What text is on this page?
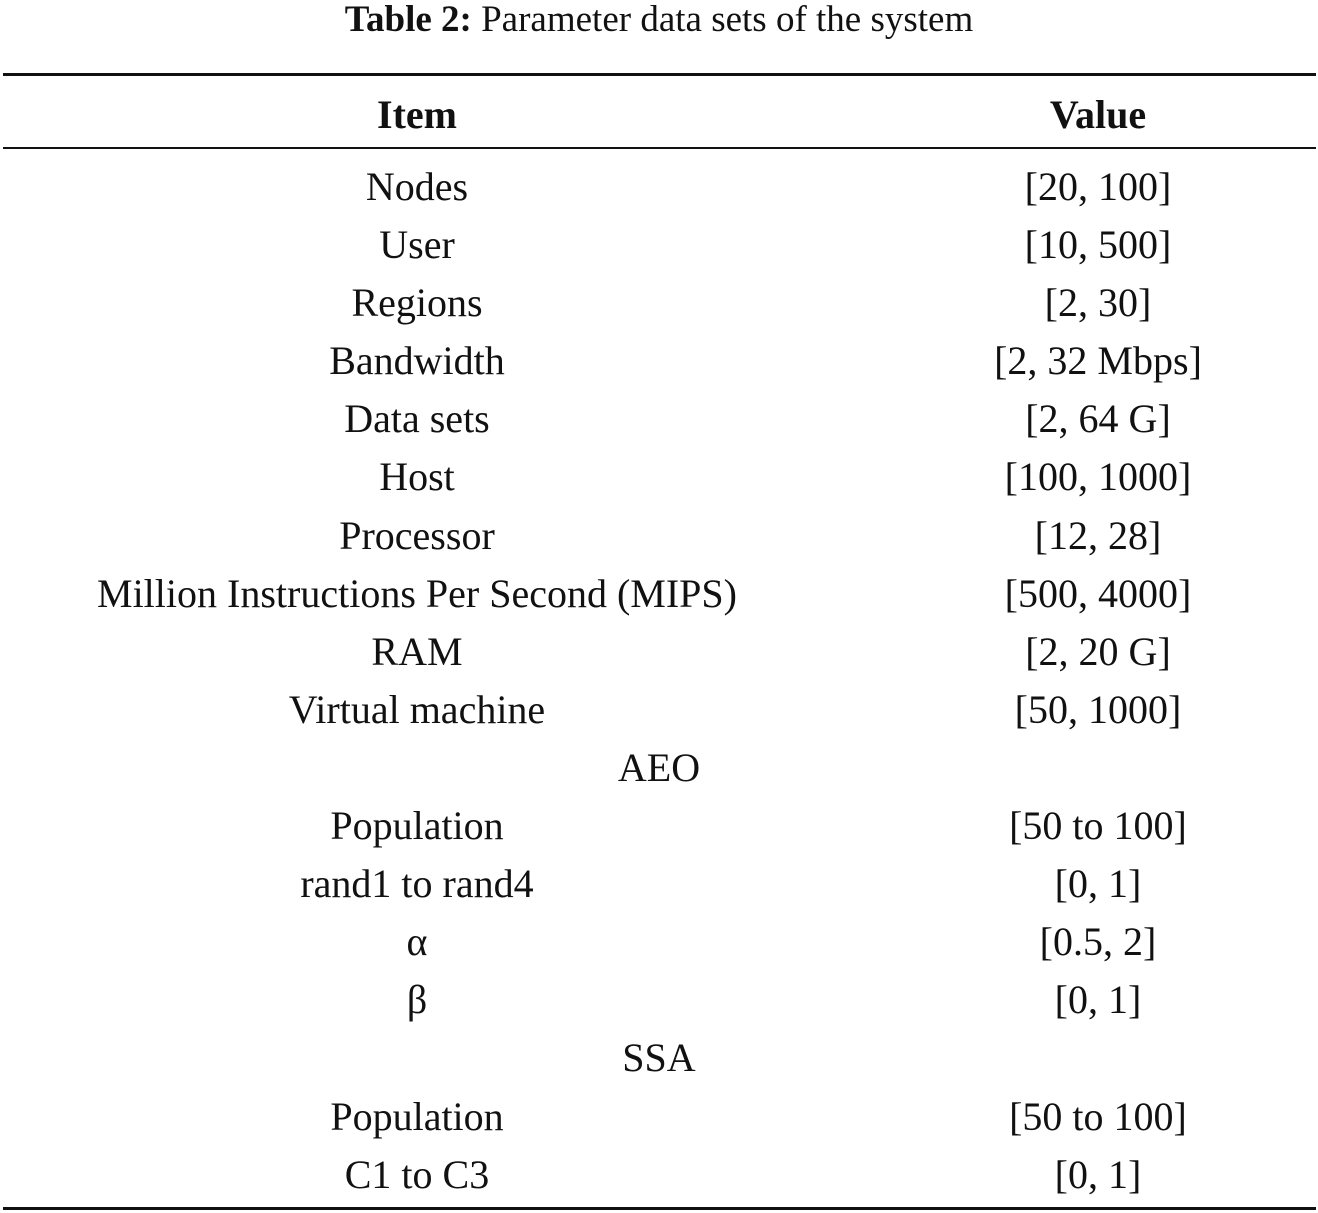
Table 2: Parameter data sets of the system
Item	Value
Nodes	[20, 100]
User	[10, 500]
Regions	[2, 30]
Bandwidth	[2, 32 Mbps]
Data sets	[2, 64 G]
Host	[100, 1000]
Processor	[12, 28]
Million Instructions Per Second (MIPS)	[500, 4000]
RAM	[2, 20 G]
Virtual machine	[50, 1000]
AEO
Population	[50 to 100]
rand1 to rand4	[0, 1]
α	[0.5, 2]
β	[0, 1]
SSA
Population	[50 to 100]
C1 to C3	[0, 1]
